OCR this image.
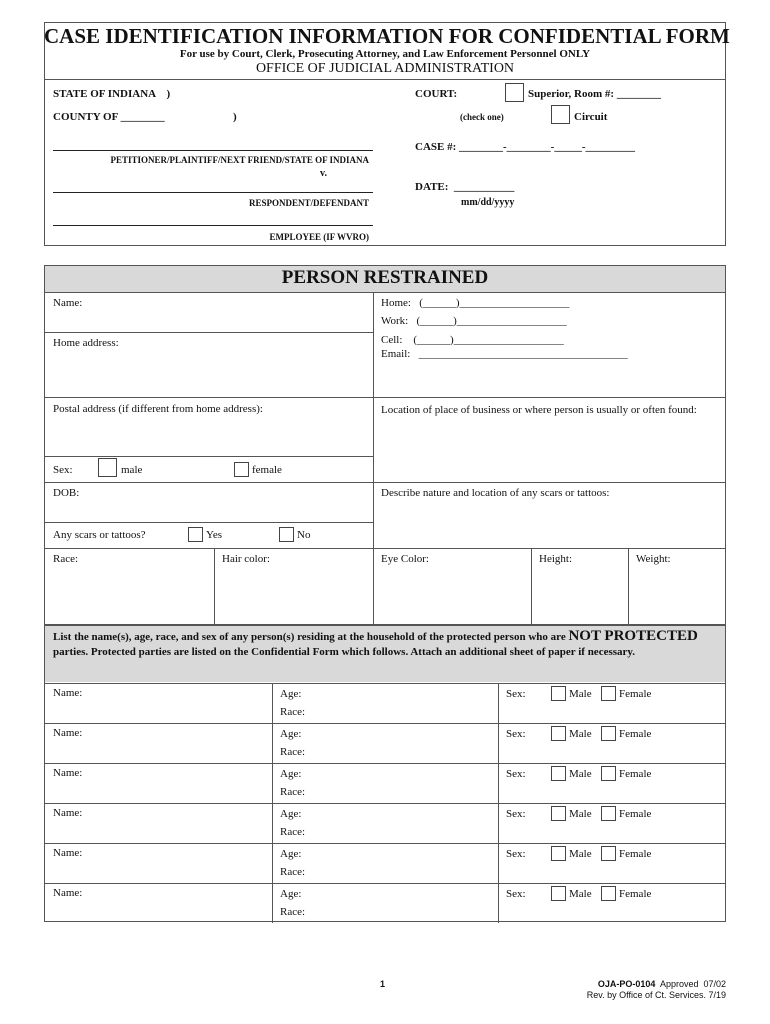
CASE IDENTIFICATION INFORMATION FOR CONFIDENTIAL FORM
For use by Court, Clerk, Prosecuting Attorney, and Law Enforcement Personnel ONLY
OFFICE OF JUDICIAL ADMINISTRATION
STATE OF INDIANA    )
COUNTY OF ________	)
PETITIONER/PLAINTIFF/NEXT FRIEND/STATE OF INDIANA
v.
RESPONDENT/DEFENDANT
EMPLOYEE (IF WVRO)
COURT:	Superior, Room #: ________
(check one)	Circuit
CASE #: ________-________-_____-_________
DATE:  ___________
mm/dd/yyyy
PERSON RESTRAINED
Name:
Home address:
Postal address (if different from home address):
Sex:	male	female
DOB:
Any scars or tattoos?	Yes	No
Home:   (______)____________________
Work:   (______)____________________
Cell:    (______)____________________
Email:   ______________________________________
Location of place of business or where person is usually or often found:
Describe nature and location of any scars or tattoos:
Race:	Hair color:	Eye Color:	Height:	Weight:
List the name(s), age, race, and sex of any person(s) residing at the household of the protected person who are NOT PROTECTED parties. Protected parties are listed on the Confidential Form which follows. Attach an additional sheet of paper if necessary.
Name:	Age:
Race:
Sex:	Male Female
Name:	Age:
Race:
Sex:	Male Female
Name:	Age:
Race:
Sex:	Male Female
Name:	Age:
Race:
Sex:	Male Female
Name:	Age:
Race:
Sex:	Male Female
Name:	Age:
Race:
Sex:	Male Female
1	OJA-PO-0104 Approved  07/02
Rev. by Office of Ct. Services. 7/19
